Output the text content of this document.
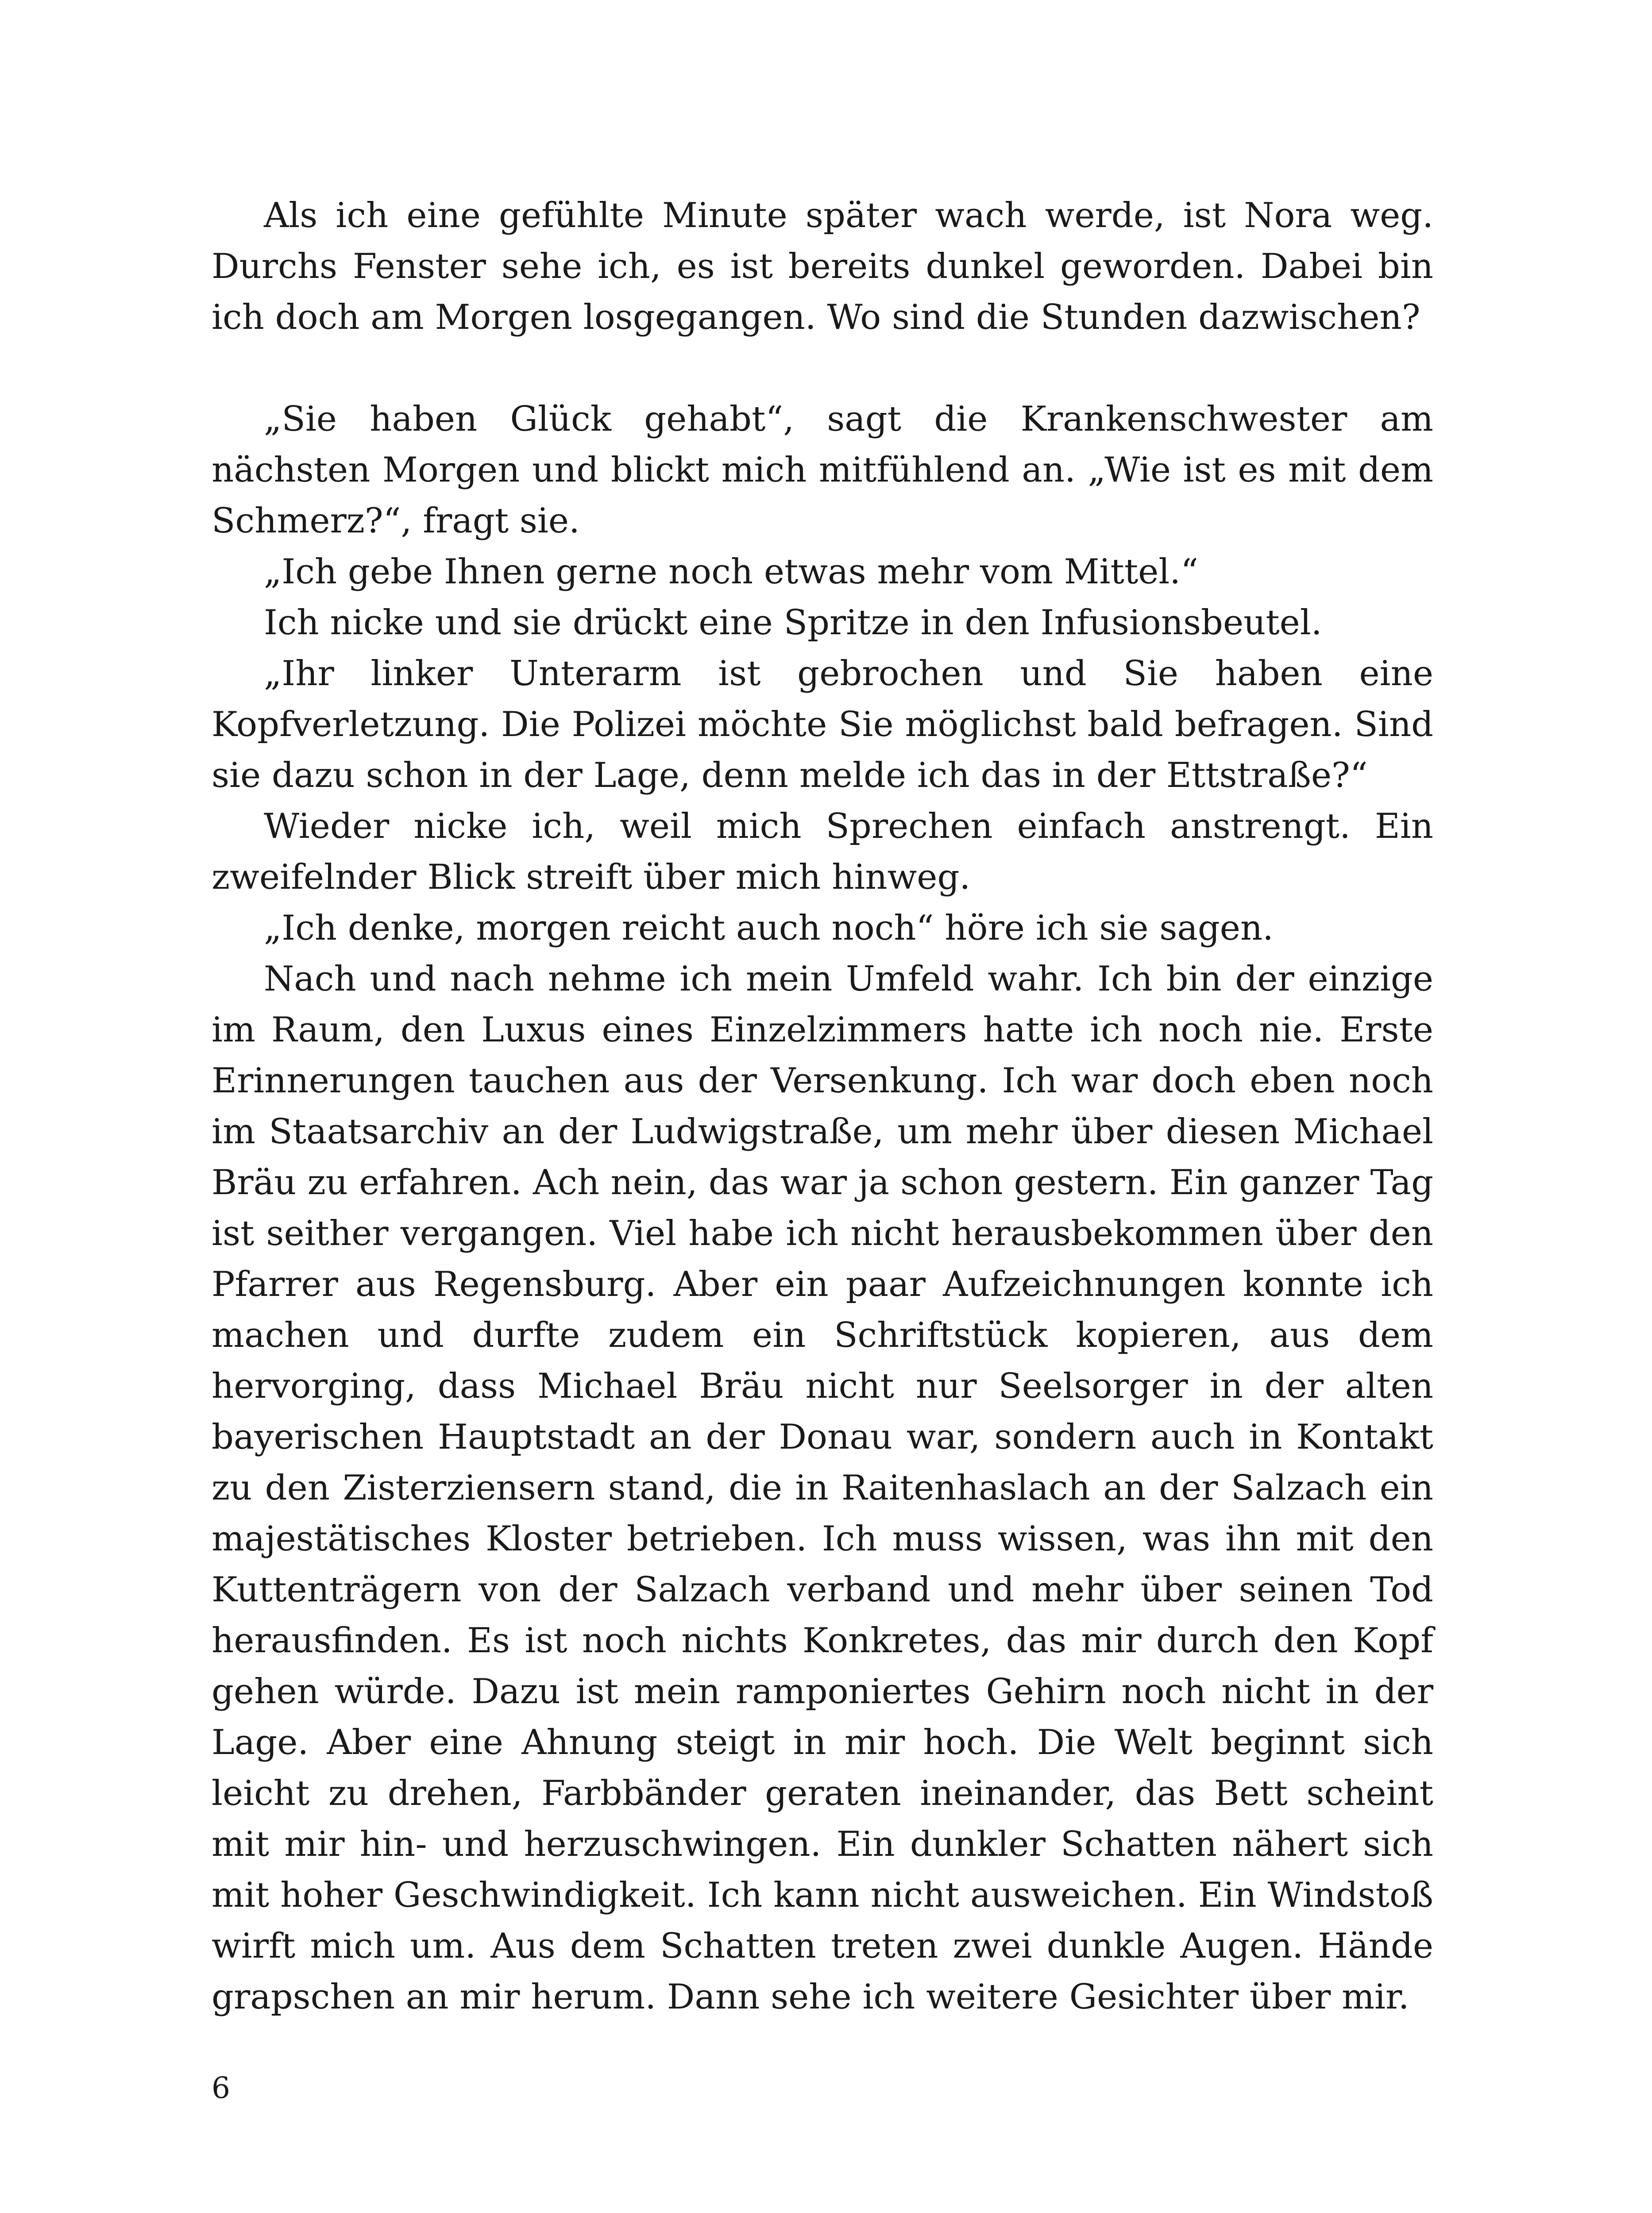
Als ich eine gefühlte Minute später wach werde, ist Nora weg. Durchs Fenster sehe ich, es ist bereits dunkel geworden. Dabei bin ich doch am Morgen losgegangen. Wo sind die Stunden dazwischen?

„Sie haben Glück gehabt“, sagt die Krankenschwester am nächsten Morgen und blickt mich mitfühlend an. „Wie ist es mit dem Schmerz?“, fragt sie.

„Ich gebe Ihnen gerne noch etwas mehr vom Mittel.“

Ich nicke und sie drückt eine Spritze in den Infusionsbeutel.

„Ihr linker Unterarm ist gebrochen und Sie haben eine Kopfverletzung. Die Polizei möchte Sie möglichst bald befragen. Sind sie dazu schon in der Lage, denn melde ich das in der Ettstraße?“

Wieder nicke ich, weil mich Sprechen einfach anstrengt. Ein zweifelnder Blick streift über mich hinweg.

„Ich denke, morgen reicht auch noch“ höre ich sie sagen.

Nach und nach nehme ich mein Umfeld wahr. Ich bin der einzige im Raum, den Luxus eines Einzelzimmers hatte ich noch nie. Erste Erinnerungen tauchen aus der Versenkung. Ich war doch eben noch im Staatsarchiv an der Ludwigstraße, um mehr über diesen Michael Bräu zu erfahren. Ach nein, das war ja schon gestern. Ein ganzer Tag ist seither vergangen. Viel habe ich nicht herausbekommen über den Pfarrer aus Regensburg. Aber ein paar Aufzeichnungen konnte ich machen und durfte zudem ein Schriftstück kopieren, aus dem hervorging, dass Michael Bräu nicht nur Seelsorger in der alten bayerischen Hauptstadt an der Donau war, sondern auch in Kontakt zu den Zisterziensern stand, die in Raitenhaslach an der Salzach ein majestätisches Kloster betrieben. Ich muss wissen, was ihn mit den Kuttenträgern von der Salzach verband und mehr über seinen Tod herausfinden. Es ist noch nichts Konkretes, das mir durch den Kopf gehen würde. Dazu ist mein ramponiertes Gehirn noch nicht in der Lage. Aber eine Ahnung steigt in mir hoch. Die Welt beginnt sich leicht zu drehen, Farbbänder geraten ineinander, das Bett scheint mit mir hin- und herzuschwingen. Ein dunkler Schatten nähert sich mit hoher Geschwindigkeit. Ich kann nicht ausweichen. Ein Windstoß wirft mich um. Aus dem Schatten treten zwei dunkle Augen. Hände grapschen an mir herum. Dann sehe ich weitere Gesichter über mir.

6
